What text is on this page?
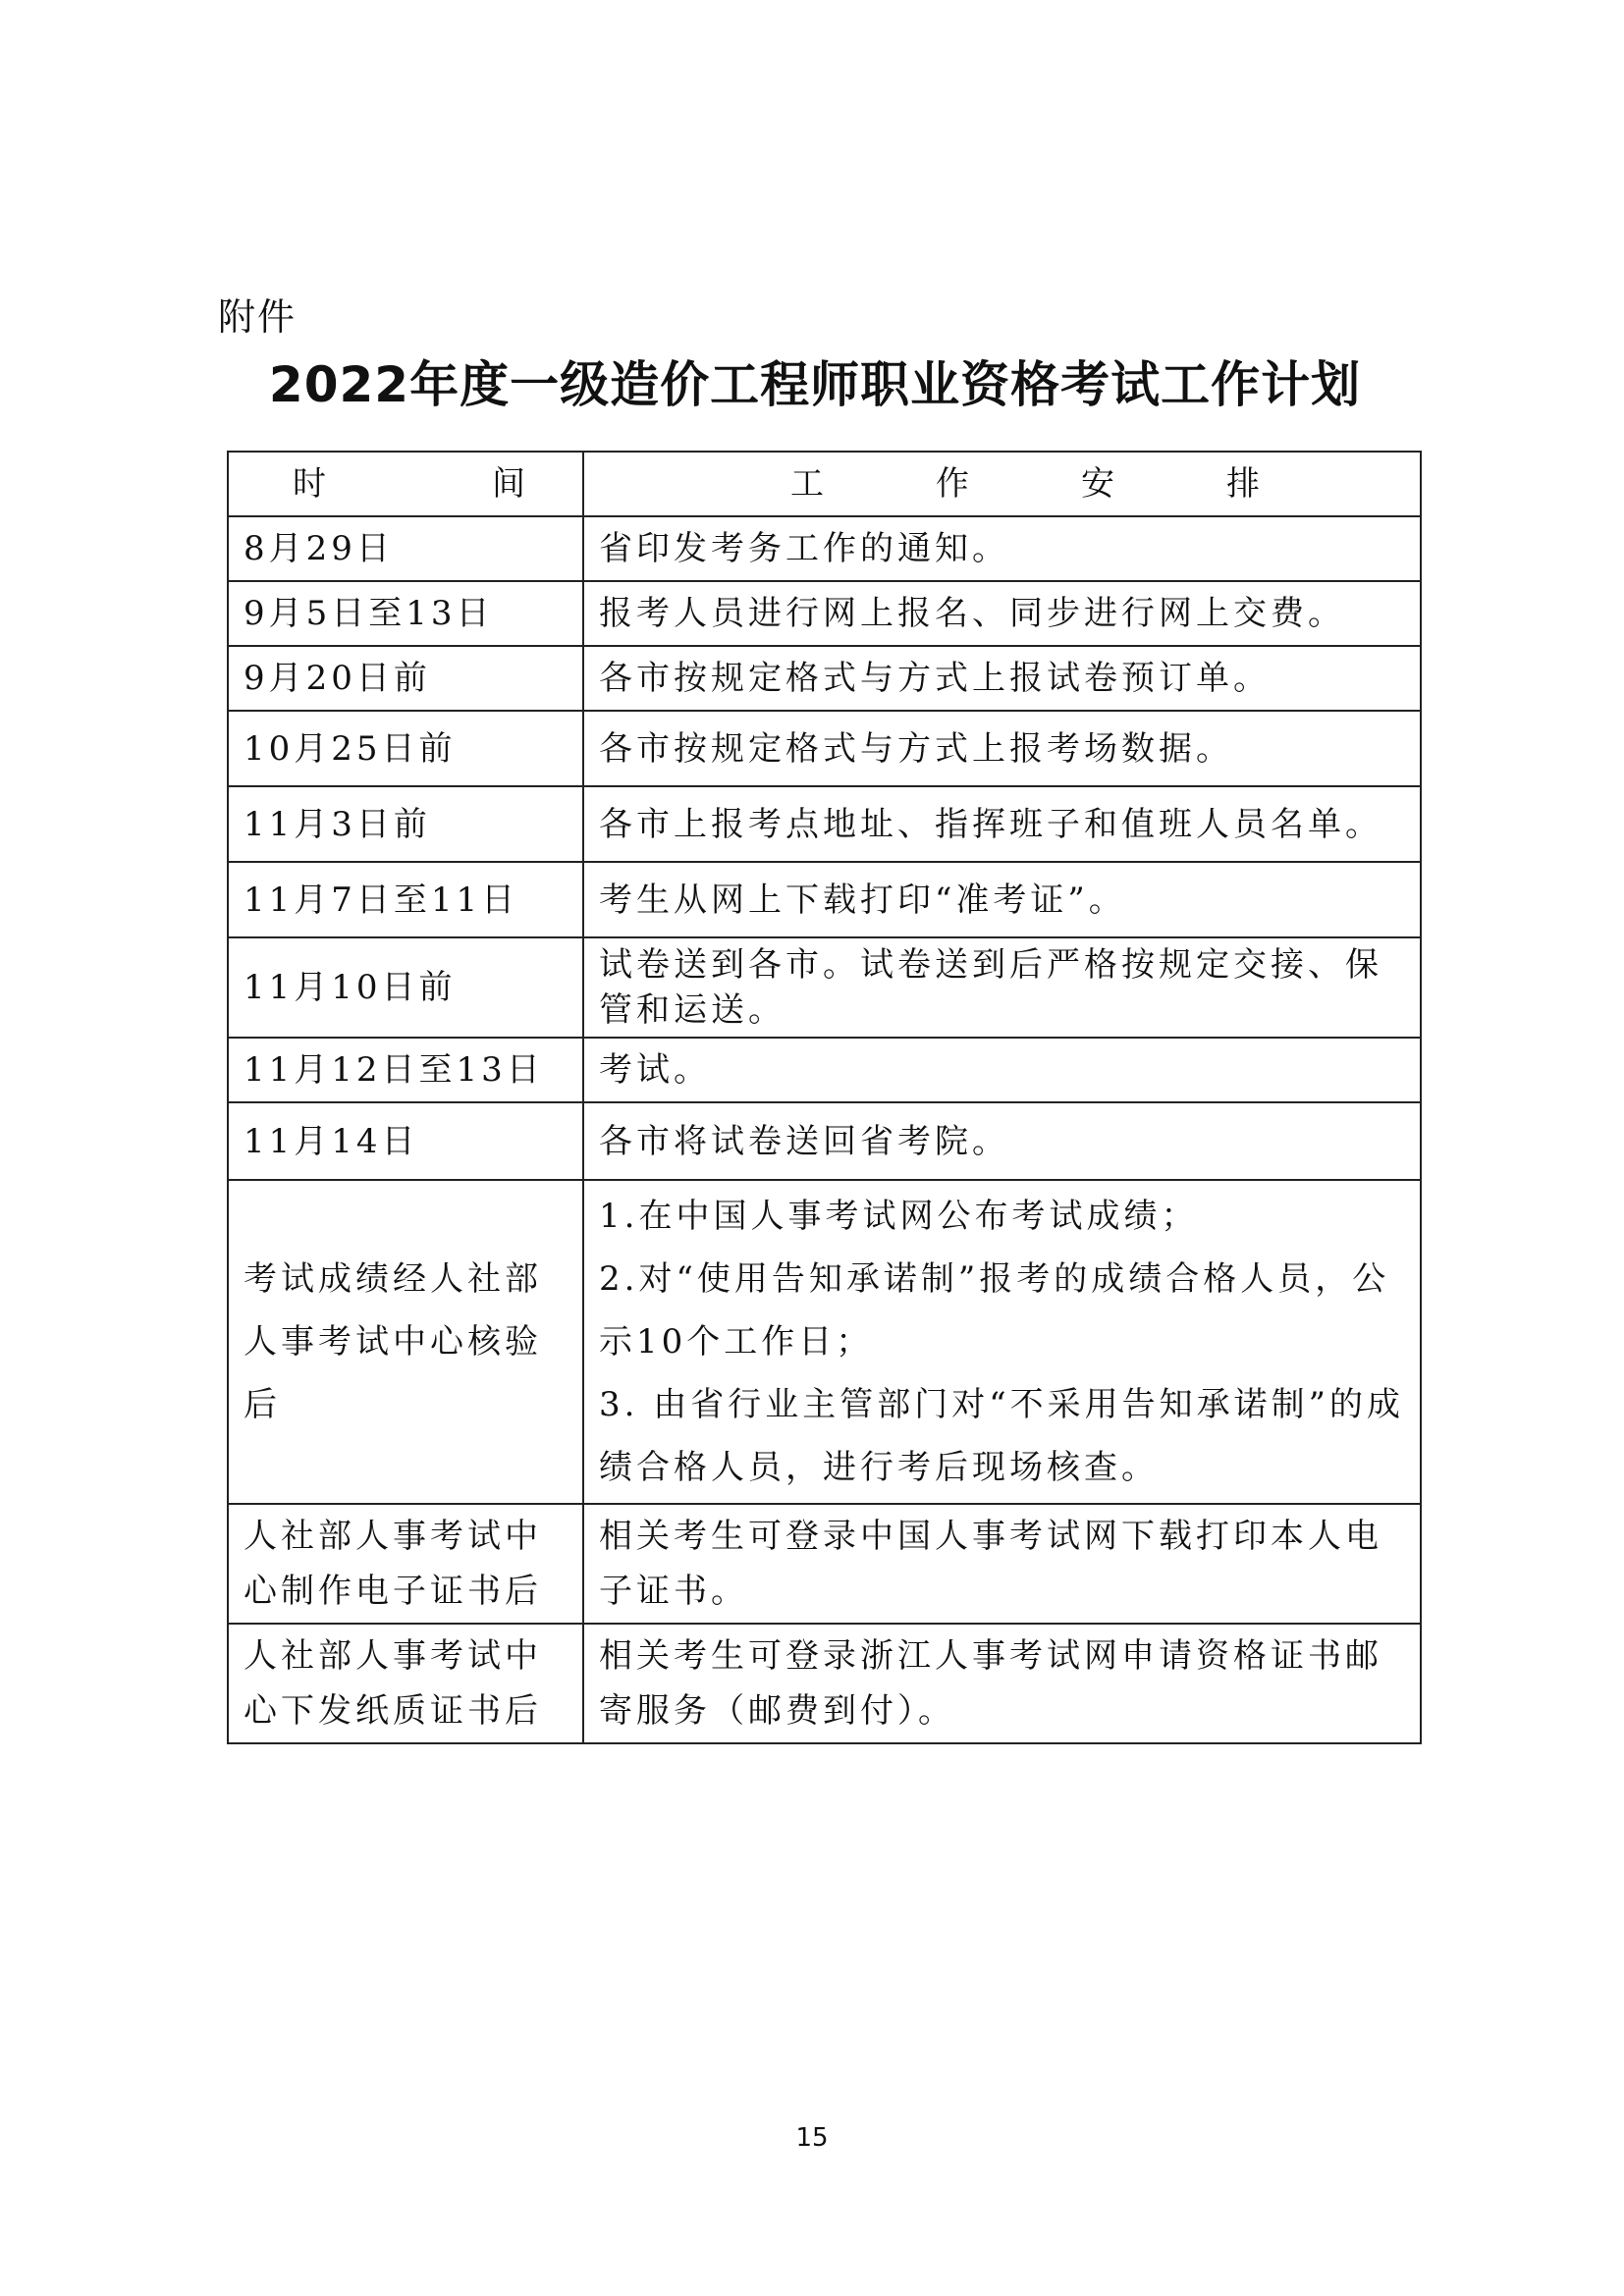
附件
2022年度一级造价工程师职业资格考试工作计划
时 间	工 作 安 排

8月29日	省印发考务工作的通知。
9月5日至13日	报考人员进行网上报名、同步进行网上交费。
9月20日前	各市按规定格式与方式上报试卷预订单。
10月25日前	各市按规定格式与方式上报考场数据。
11月3日前	各市上报考点地址、指挥班子和值班人员名单。
11月7日至11日	考生从网上下载打印“准考证”。
11月10日前	试卷送到各市。试卷送到后严格按规定交接、保管和运送。
11月12日至13日	考试。
11月14日	各市将试卷送回省考院。
考试成绩经人社部人事考试中心核验后	1.在中国人事考试网公布考试成绩；
2.对“使用告知承诺制”报考的成绩合格人员，公示10个工作日；
3. 由省行业主管部门对“不采用告知承诺制”的成绩合格人员，进行考后现场核查。

人社部人事考试中心制作电子证书后	相关考生可登录中国人事考试网下载打印本人电子证书。
人社部人事考试中心下发纸质证书后	相关考生可登录浙江人事考试网申请资格证书邮寄服务（邮费到付）。
15
